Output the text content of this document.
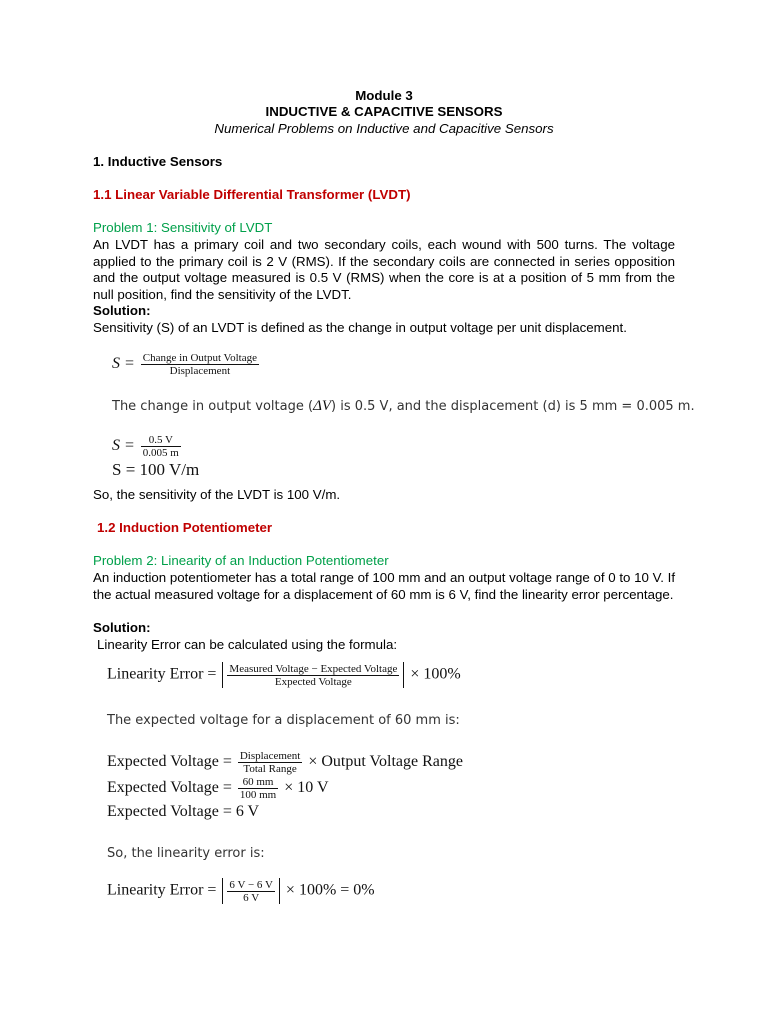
Module 3
INDUCTIVE & CAPACITIVE SENSORS
Numerical Problems on Inductive and Capacitive Sensors
1. Inductive Sensors
1.1 Linear Variable Differential Transformer (LVDT)
Problem 1: Sensitivity of LVDT

An LVDT has a primary coil and two secondary coils, each wound with 500 turns. The voltage applied to the primary coil is 2 V (RMS). If the secondary coils are connected in series opposition and the output voltage measured is 0.5 V (RMS) when the core is at a position of 5 mm from the null position, find the sensitivity of the LVDT.

Solution:
Sensitivity (S) of an LVDT is defined as the change in output voltage per unit displacement.
$S = \frac{\text{Change in Output Voltage}}{\text{Displacement}}$
The change in output voltage (ΔV) is 0.5 V, and the displacement (d) is 5 mm = 0.005 m.
$S = \frac{0.5 V}{0.005 m}$
S = 100 V/m
So, the sensitivity of the LVDT is 100 V/m.
1.2 Induction Potentiometer
Problem 2: Linearity of an Induction Potentiometer

An induction potentiometer has a total range of 100 mm and an output voltage range of 0 to 10 V. If the actual measured voltage for a displacement of 60 mm is 6 V, find the linearity error percentage.

Solution:
Linearity Error can be calculated using the formula:
Linearity Error = $\frac{\text{Measured Voltage − Expected Voltage}}{\text{Expected Voltage}} \times 100\%$
The expected voltage for a displacement of 60 mm is:
Expected Voltage = $\frac{\text{Displacement}}{\text{Total Range}}$ × Output Voltage Range
Expected Voltage = $\frac{60 mm}{100 mm} \times 10$ V
Expected Voltage = 6 V
So, the linearity error is:
Linearity Error = $\frac{6 V - 6 V}{6 V} \times 100\% = 0\%$
